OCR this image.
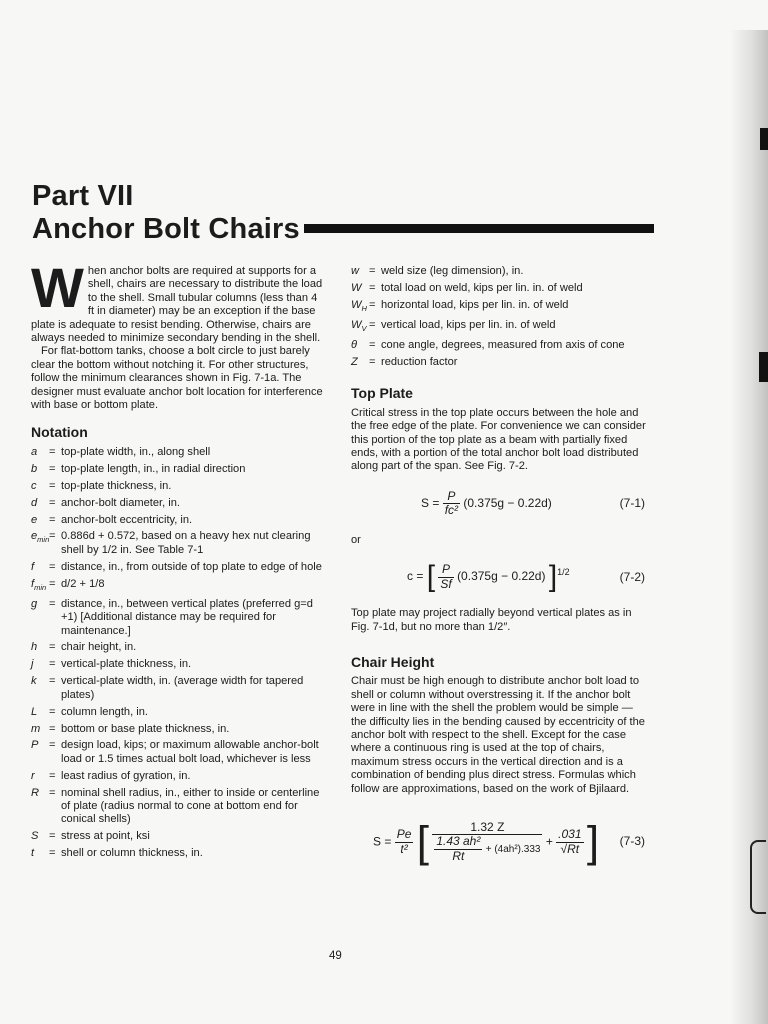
Part VII
Anchor Bolt Chairs

When anchor bolts are required at supports for a shell, chairs are necessary to distribute the load to the shell. Small tubular columns (less than 4 ft in diameter) may be an exception if the base plate is adequate to resist bending. Otherwise, chairs are always needed to minimize secondary bending in the shell.

For flat-bottom tanks, choose a bolt circle to just barely clear the bottom without notching it. For other structures, follow the minimum clearances shown in Fig. 7-1a. The designer must evaluate anchor bolt location for interference with base or bottom plate.

Notation
a	= top-plate width, in., along shell
b	= top-plate length, in., in radial direction
c	= top-plate thickness, in.
d	= anchor-bolt diameter, in.
e	= anchor-bolt eccentricity, in.
$e_{min} = 0.886d + 0.572$, based on a heavy hex nut clearing shell by 1/2 in. See Table 7-1
f	= distance, in., from outside of top plate to edge of hole
$f_{min} = d/2 + 1/8$
g	= distance, in., between vertical plates (preferred g=d +1) [Additional distance may be required for maintenance.]
h	= chair height, in.
j	= vertical-plate thickness, in.
k	= vertical-plate width, in. (average width for tapered plates)
L	= column length, in.
m = bottom or base plate thickness, in.
P = design load, kips; or maximum allowable anchor-bolt load or 1.5 times actual bolt load, whichever is less
r	= least radius of gyration, in.
R = nominal shell radius, in., either to inside or centerline of plate (radius normal to cone at bottom end for conical shells)
S = stress at point, ksi
t	= shell or column thickness, in.
w = weld size (leg dimension), in.
W = total load on weld, kips per lin. in. of weld
$W_H$ = horizontal load, kips per lin. in. of weld
$W_V$ = vertical load, kips per lin. in. of weld
θ	= cone angle, degrees, measured from axis of cone
Z	= reduction factor
Top Plate

Critical stress in the top plate occurs between the hole and the free edge of the plate. For convenience we can consider this portion of the top plate as a beam with partially fixed ends, with a portion of the total anchor bolt load distributed along part of the span. See Fig. 7-2.

$S = \frac{P}{\text{fc²}} (0.375g - 0.22d)$	(7-1)

or

c = [ $\frac{P}{Sf} (0.375g - 0.22d)$ ]$^{1/2}$	(7-2)

Top plate may project radially beyond vertical plates as in Fig. 7-1d, but no more than 1/2″.

Chair Height

Chair must be high enough to distribute anchor bolt load to shell or column without overstressing it. If the anchor bolt were in line with the shell the problem would be simple — the difficulty lies in the bending caused by eccentricity of the anchor bolt with respect to the shell. Except for the case where a continuous ring is used at the top of chairs, maximum stress occurs in the vertical direction and is a combination of bending plus direct stress. Formulas which follow are approximations, based on the work of Bjilaard.

$S = \frac{Pe}{\text{t²}}$ [ $\frac{1.32 Z}{\frac{\text{1.43 ah²}}{Rt} + (4ah^2).333} + \frac{.031}{√Rt}$ ] (7-3)
49
